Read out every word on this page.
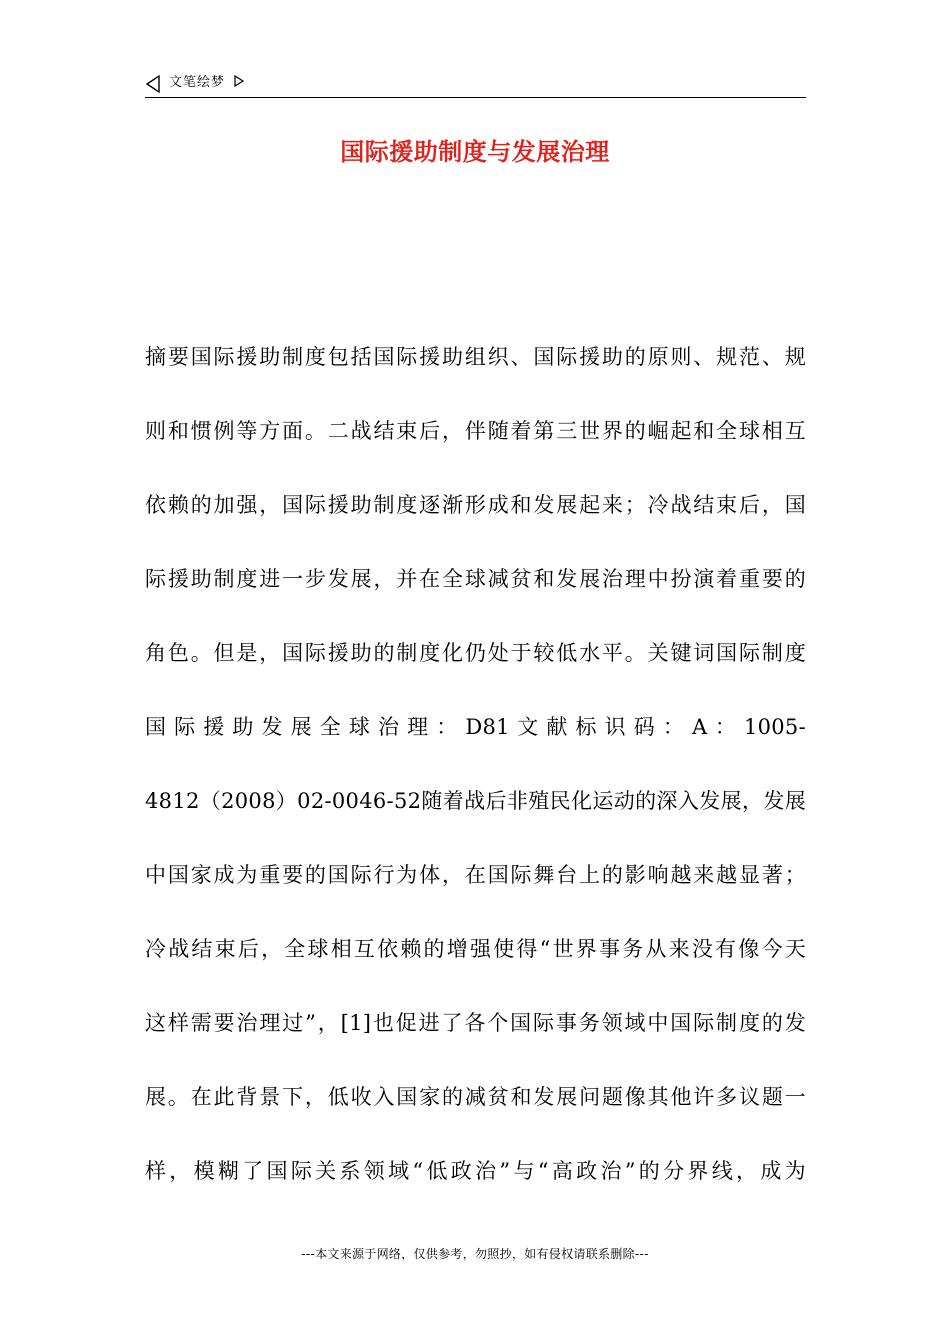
文笔绘梦
国际援助制度与发展治理
摘要国际援助制度包括国际援助组织、国际援助的原则、规范、规
则和惯例等方面。二战结束后，伴随着第三世界的崛起和全球相互
依赖的加强，国际援助制度逐渐形成和发展起来；冷战结束后，国
际援助制度进一步发展，并在全球减贫和发展治理中扮演着重要的
角色。但是，国际援助的制度化仍处于较低水平。关键词国际制度
国 际 援 助 发 展 全 球 治 理 ： D81 文 献 标 识 码 ： A ： 1005-
4812（2008）02-0046-52随着战后非殖民化运动的深入发展，发展
中国家成为重要的国际行为体，在国际舞台上的影响越来越显著；
冷战结束后，全球相互依赖的增强使得“世界事务从来没有像今天
这样需要治理过”，[1]也促进了各个国际事务领域中国际制度的发
展。在此背景下，低收入国家的减贫和发展问题像其他许多议题一
样，模糊了国际关系领域“低政治”与“高政治”的分界线，成为
---本文来源于网络，仅供参考，勿照抄，如有侵权请联系删除---
